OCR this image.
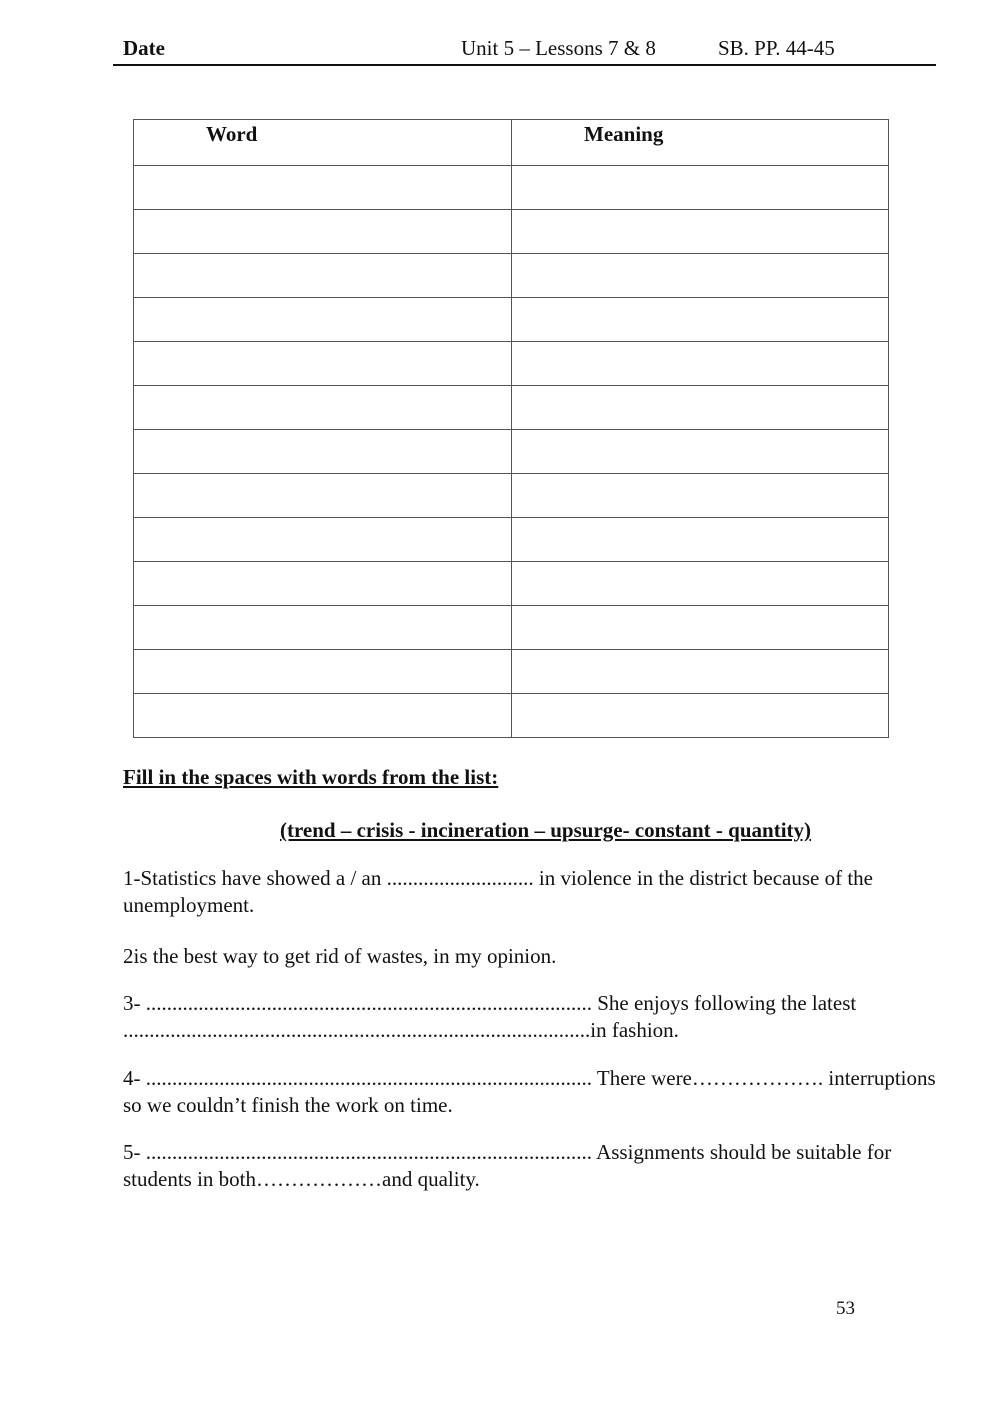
Date	Unit 5 – Lessons 7 & 8	SB. PP. 44-45
Word	Meaning

Fill in the spaces with words from the list:
(trend – crisis - incineration – upsurge- constant - quantity)
1-Statistics have showed a / an ............................ in violence in the district because of the unemployment.
2is the best way to get rid of wastes, in my opinion.
3- ..................................................................................... She enjoys following the latest .........................................................................................in fashion.
4- ..................................................................................... There were………………. interruptions so we couldn’t finish the work on time.
5- ..................................................................................... Assignments should be suitable for students in both………………and quality.
53
